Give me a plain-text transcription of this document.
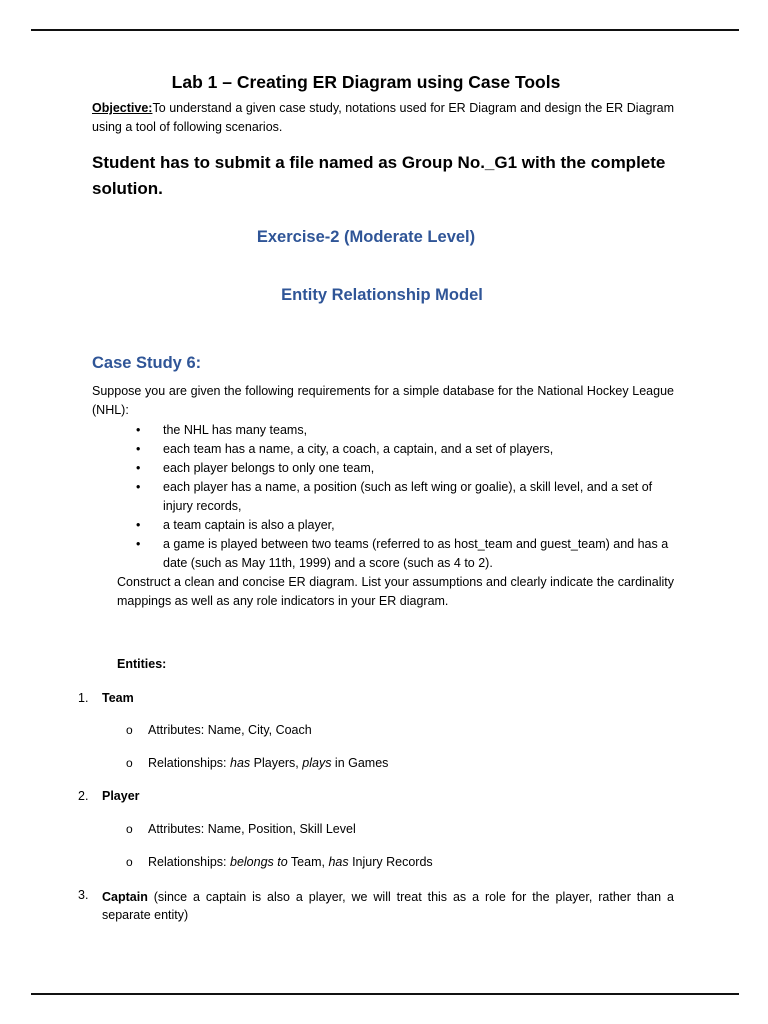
Lab 1 – Creating ER Diagram using Case Tools
Objective:To understand a given case study, notations used for ER Diagram and design the ER Diagram using a tool of following scenarios.
Student has to submit a file named as Group No._G1 with the complete solution.
Exercise-2 (Moderate Level)
Entity Relationship Model
Case Study 6:
Suppose you are given the following requirements for a simple database for the National Hockey League (NHL):
• the NHL has many teams,
• each team has a name, a city, a coach, a captain, and a set of players,
• each player belongs to only one team,
• each player has a name, a position (such as left wing or goalie), a skill level, and a set of injury records,
• a team captain is also a player,
• a game is played between two teams (referred to as host_team and guest_team) and has a date (such as May 11th, 1999) and a score (such as 4 to 2).
Construct a clean and concise ER diagram. List your assumptions and clearly indicate the cardinality mappings as well as any role indicators in your ER diagram.
Entities:
1. Team
o Attributes: Name, City, Coach
o Relationships: has Players, plays in Games
2. Player
o Attributes: Name, Position, Skill Level
o Relationships: belongs to Team, has Injury Records
3. Captain (since a captain is also a player, we will treat this as a role for the player, rather than a separate entity)
